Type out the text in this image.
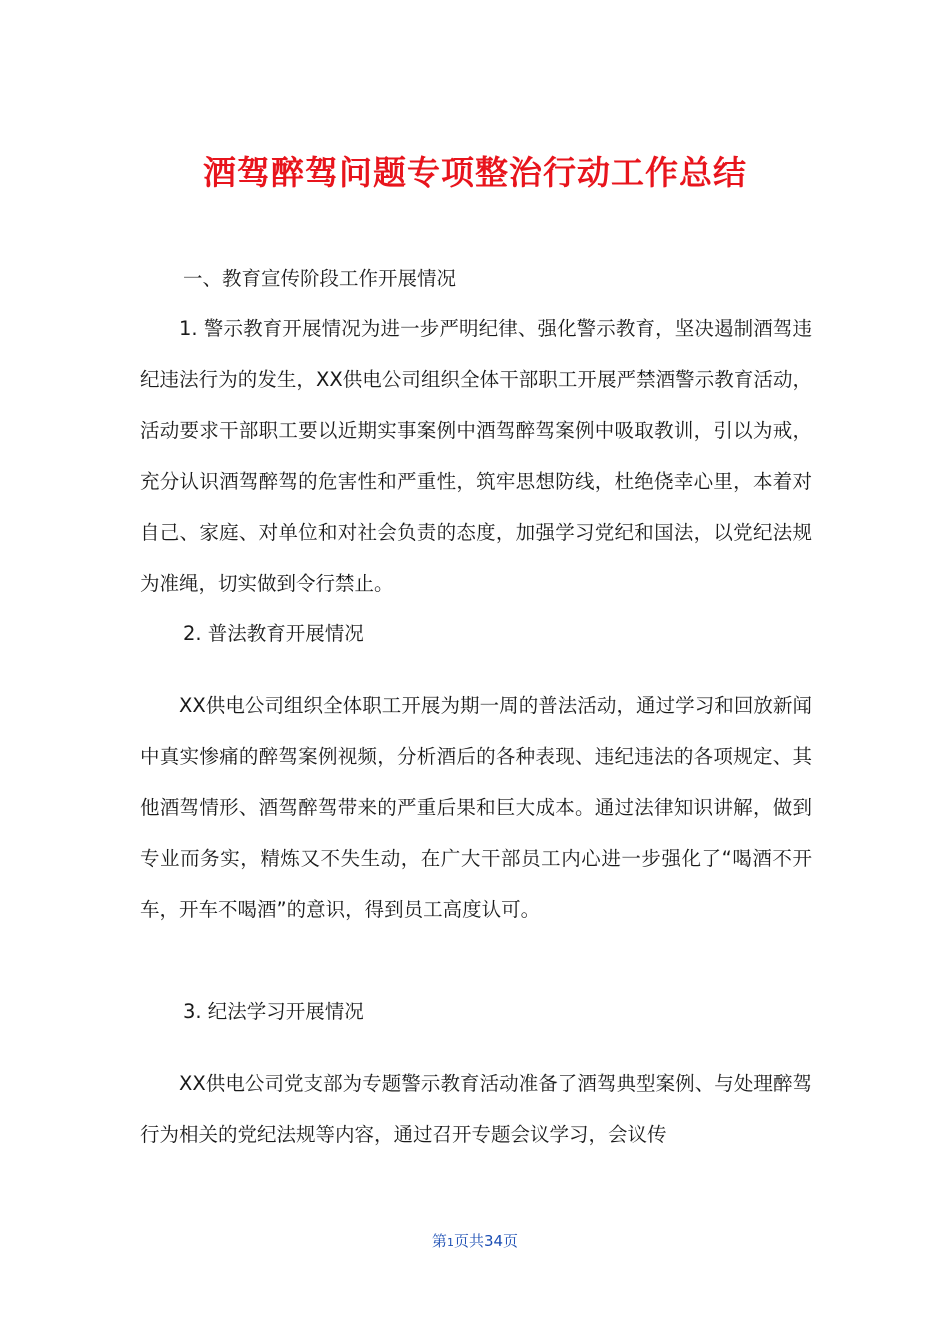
酒驾醉驾问题专项整治行动工作总结

一、教育宣传阶段工作开展情况

1. 警示教育开展情况为进一步严明纪律、强化警示教育，坚决遏制酒驾违纪违法行为的发生，XX供电公司组织全体干部职工开展严禁酒警示教育活动，活动要求干部职工要以近期实事案例中酒驾醉驾案例中吸取教训，引以为戒，充分认识酒驾醉驾的危害性和严重性，筑牢思想防线，杜绝侥幸心里，本着对自己、家庭、对单位和对社会负责的态度，加强学习党纪和国法，以党纪法规为准绳，切实做到令行禁止。

2. 普法教育开展情况

XX供电公司组织全体职工开展为期一周的普法活动，通过学习和回放新闻中真实惨痛的醉驾案例视频，分析酒后的各种表现、违纪违法的各项规定、其他酒驾情形、酒驾醉驾带来的严重后果和巨大成本。通过法律知识讲解，做到专业而务实，精炼又不失生动，在广大干部员工内心进一步强化了“喝酒不开车，开车不喝酒”的意识，得到员工高度认可。

3. 纪法学习开展情况

XX供电公司党支部为专题警示教育活动准备了酒驾典型案例、与处理醉驾行为相关的党纪法规等内容，通过召开专题会议学习，会议传

第1页共34页
